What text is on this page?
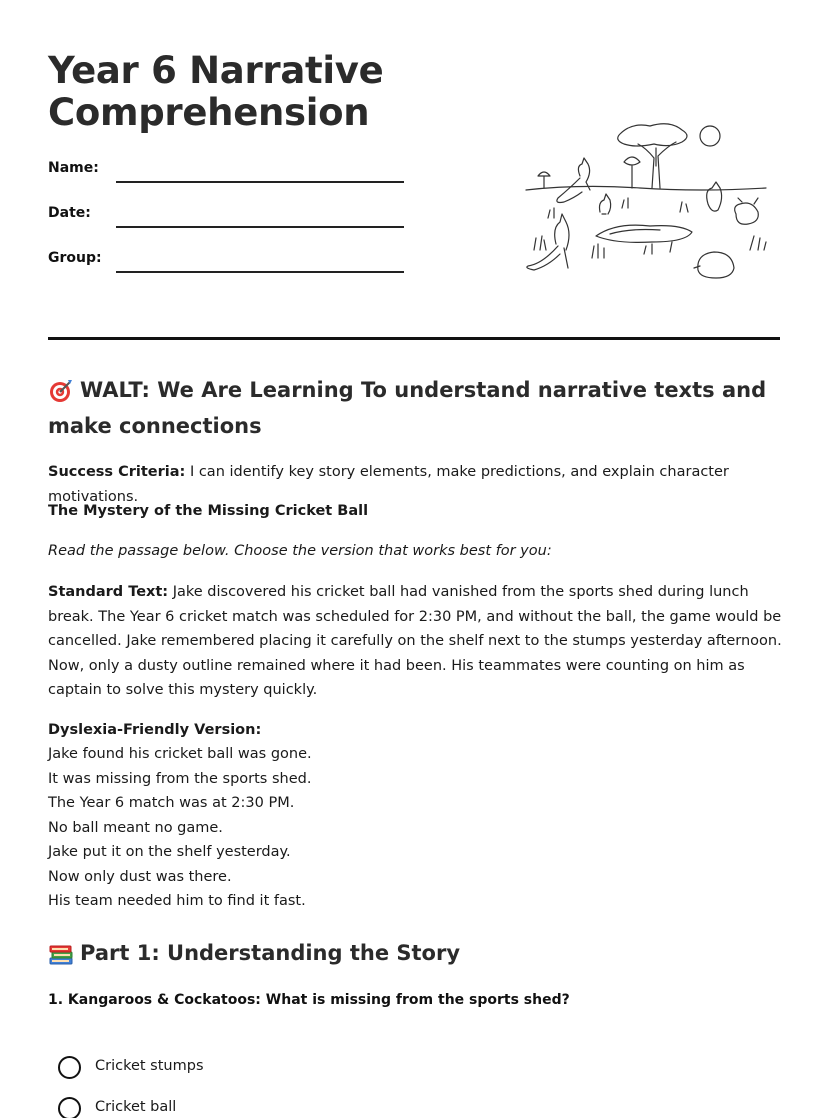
Year 6 Narrative
Comprehension
Name:
Date:
Group:
WALT: We Are Learning To understand narrative texts and make connections
Success Criteria: I can identify key story elements, make predictions, and explain character motivations.
The Mystery of the Missing Cricket Ball
Read the passage below. Choose the version that works best for you:
Standard Text: Jake discovered his cricket ball had vanished from the sports shed during lunch break. The Year 6 cricket match was scheduled for 2:30 PM, and without the ball, the game would be cancelled. Jake remembered placing it carefully on the shelf next to the stumps yesterday afternoon. Now, only a dusty outline remained where it had been. His teammates were counting on him as captain to solve this mystery quickly.
Dyslexia-Friendly Version:
Jake found his cricket ball was gone.
It was missing from the sports shed.
The Year 6 match was at 2:30 PM.
No ball meant no game.
Jake put it on the shelf yesterday.
Now only dust was there.
His team needed him to find it fast.
Part 1: Understanding the Story
1. Kangaroos & Cockatoos: What is missing from the sports shed?
Cricket stumps
Cricket ball
